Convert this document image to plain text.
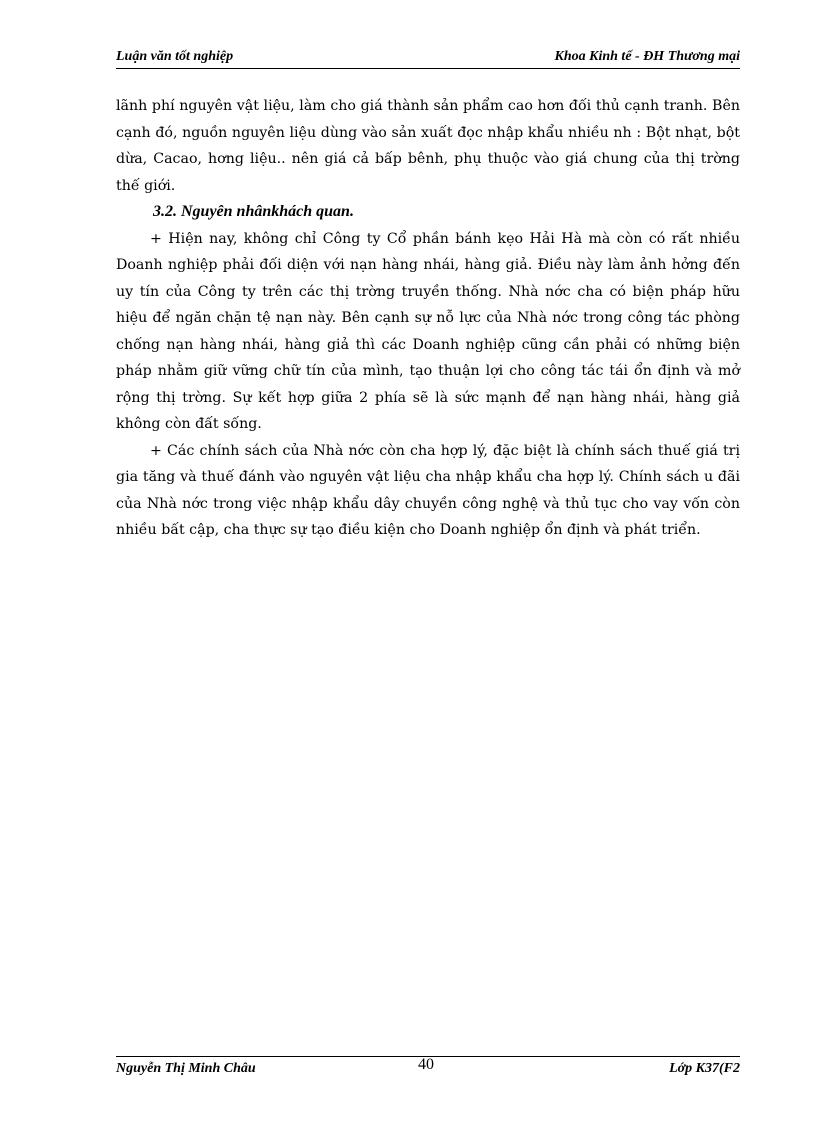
Luận văn tốt nghiệp	Khoa Kinh tế - ĐH Thương mại

lãnh phí nguyên vật liệu, làm cho giá thành sản phẩm cao hơn đối thủ cạnh tranh. Bên cạnh đó, nguồn nguyên liệu dùng vào sản xuất đọc nhập khẩu nhiều nh : Bột nhạt, bột dừa, Cacao, hơng liệu.. nên giá cả bấp bênh, phụ thuộc vào giá chung của thị trờng thế giới.

3.2. Nguyên nhânkhách quan.

+ Hiện nay, không chỉ Công ty Cổ phần bánh kẹo Hải Hà mà còn có rất nhiều Doanh nghiệp phải đối diện với nạn hàng nhái, hàng giả. Điều này làm ảnh hởng đến uy tín của Công ty trên các thị trờng truyền thống. Nhà nớc cha có biện pháp hữu hiệu để ngăn chặn tệ nạn này. Bên cạnh sự nỗ lực của Nhà nớc trong công tác phòng chống nạn hàng nhái, hàng giả thì các Doanh nghiệp cũng cần phải có những biện pháp nhằm giữ vững chữ tín của mình, tạo thuận lợi cho công tác tái ổn định và mở rộng thị trờng. Sự kết hợp giữa 2 phía sẽ là sức mạnh để nạn hàng nhái, hàng giả không còn đất sống.

+ Các chính sách của Nhà nớc còn cha hợp lý, đặc biệt là chính sách thuế giá trị gia tăng và thuế đánh vào nguyên vật liệu cha nhập khẩu cha hợp lý. Chính sách u đãi của Nhà nớc trong việc nhập khẩu dây chuyền công nghệ và thủ tục cho vay vốn còn nhiều bất cập, cha thực sự tạo điều kiện cho Doanh nghiệp ổn định và phát triển.

Nguyễn Thị Minh Châu	40	Lớp K37(F2
